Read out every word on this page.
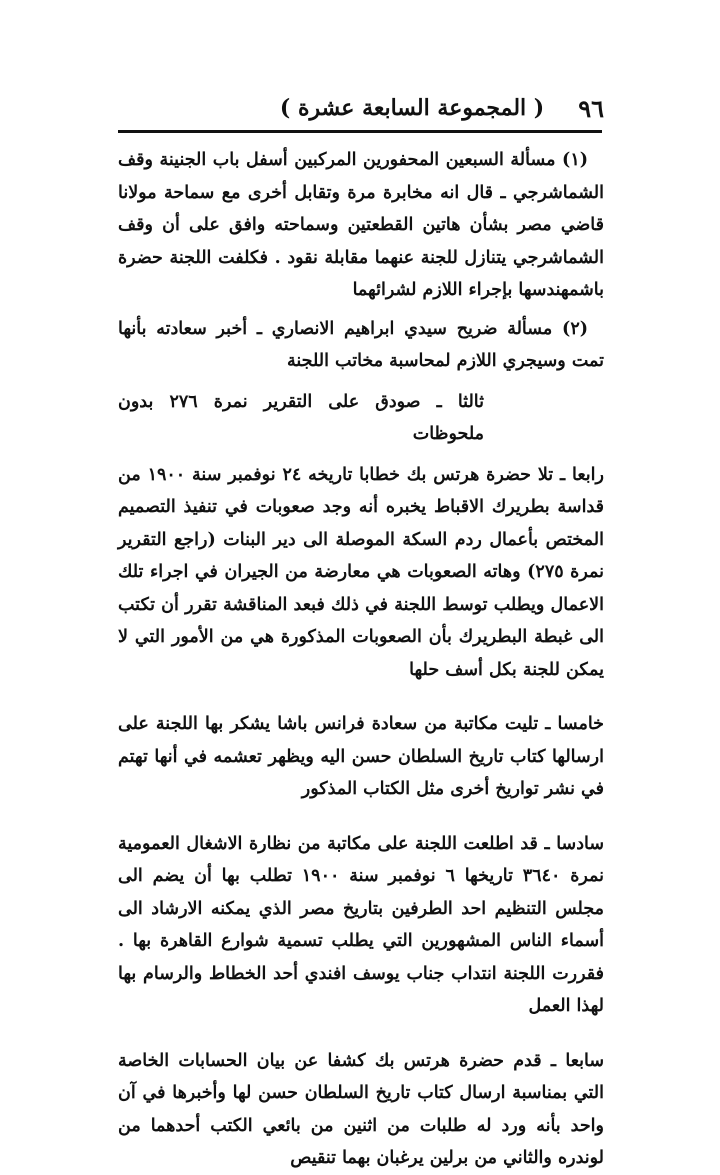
٩٦
( المجموعة السابعة عشرة )

(١) مسألة السبعين المحفورين المركبين أسفل باب الجنينة وقف الشماشرجي ـ قال انه مخابرة مرة وتقابل أخرى مع سماحة مولانا قاضي مصر بشأن هاتين القطعتين وسماحته وافق على أن وقف الشماشرجي يتنازل للجنة عنهما مقابلة نقود . فكلفت اللجنة حضرة باشمهندسها بإجراء اللازم لشرائهما

(٢) مسألة ضريح سيدي ابراهيم الانصاري ـ أخبر سعادته بأنها تمت وسيجري اللازم لمحاسبة مخاتب اللجنة

ثالثا ـ صودق على التقرير نمرة ٢٧٦ بدون ملحوظات

رابعا ـ تلا حضرة هرتس بك خطابا تاريخه ٢٤ نوفمبر سنة ١٩٠٠ من قداسة بطريرك الاقباط يخبره أنه وجد صعوبات في تنفيذ التصميم المختص بأعمال ردم السكة الموصلة الى دير البنات (راجع التقرير نمرة ٢٧٥) وهاته الصعوبات هي معارضة من الجيران في اجراء تلك الاعمال ويطلب توسط اللجنة في ذلك فبعد المناقشة تقرر أن تكتب الى غبطة البطريرك بأن الصعوبات المذكورة هي من الأمور التي لا يمكن للجنة بكل أسف حلها

خامسا ـ تليت مكاتبة من سعادة فرانس باشا يشكر بها اللجنة على ارسالها كتاب تاريخ السلطان حسن اليه ويظهر تعشمه في أنها تهتم في نشر تواريخ أخرى مثل الكتاب المذكور

سادسا ـ قد اطلعت اللجنة على مكاتبة من نظارة الاشغال العمومية نمرة ٣٦٤٠ تاريخها ٦ نوفمبر سنة ١٩٠٠ تطلب بها أن يضم الى مجلس التنظيم احد الطرفين بتاريخ مصر الذي يمكنه الارشاد الى أسماء الناس المشهورين التي يطلب تسمية شوارع القاهرة بها . فقررت اللجنة انتداب جناب يوسف افندي أحد الخطاط والرسام بها لهذا العمل

سابعا ـ قدم حضرة هرتس بك كشفا عن بيان الحسابات الخاصة التي بمناسبة ارسال كتاب تاريخ السلطان حسن لها وأخبرها في آن واحد بأنه ورد له طلبات من اثنين من بائعي الكتب أحدهما من لوندره والثاني من برلين يرغبان بهما تنقيص
